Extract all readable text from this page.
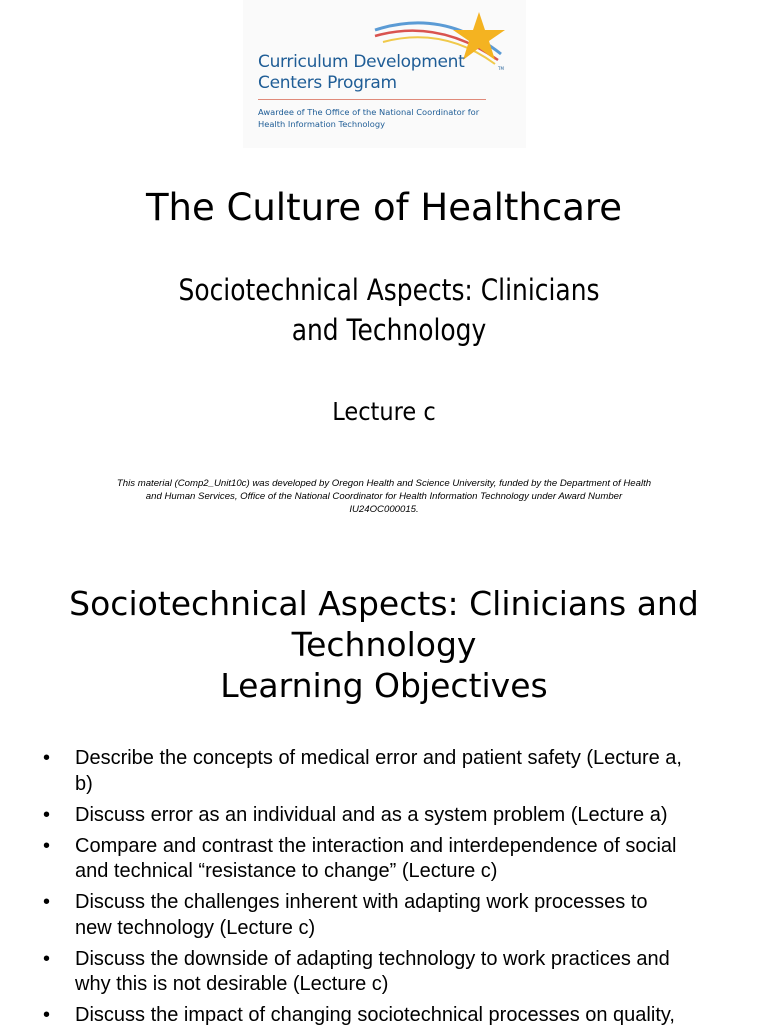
TM
Curriculum Development
Centers Program
Awardee of The Office of the National Coordinator for
Health Information Technology
The Culture of Healthcare
Sociotechnical Aspects: Clinicians
and Technology
Lecture c
This material (Comp2_Unit10c) was developed by Oregon Health and Science University, funded by the Department of Health
and Human Services, Office of the National Coordinator for Health Information Technology under Award Number
IU24OC000015.
Sociotechnical Aspects: Clinicians and
Technology
Learning Objectives
• Describe the concepts of medical error and patient safety (Lecture a,
b)
• Discuss error as an individual and as a system problem (Lecture a)
• Compare and contrast the interaction and interdependence of social
and technical “resistance to change” (Lecture c)
• Discuss the challenges inherent with adapting work processes to
new technology (Lecture c)
• Discuss the downside of adapting technology to work practices and
why this is not desirable (Lecture c)
• Discuss the impact of changing sociotechnical processes on quality,
